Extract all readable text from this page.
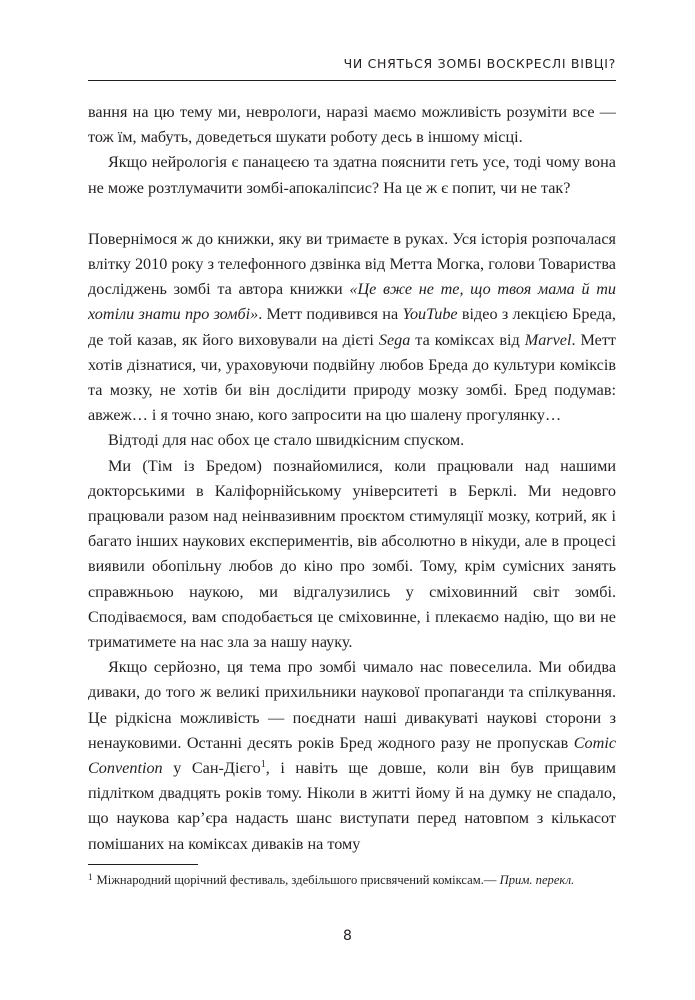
ЧИ СНЯТЬСЯ ЗОМБІ ВОСКРЕСЛІ ВІВЦІ?

вання на цю тему ми, неврологи, наразі маємо можливість розуміти все — тож їм, мабуть, доведеться шукати роботу десь в іншому місці.

Якщо нейрологія є панацеєю та здатна пояснити геть усе, тоді чому вона не може розтлумачити зомбі-апокаліпсис? На це ж є попит, чи не так?

Повернімося ж до книжки, яку ви тримаєте в руках. Уся історія розпочалася влітку 2010 року з телефонного дзвінка від Метта Могка, голови Товариства досліджень зомбі та автора книжки «Це вже не те, що твоя мама й ти хотіли знати про зомбі». Метт подивився на YouTube відео з лекцією Бреда, де той казав, як його виховували на дієті Sega та коміксах від Marvel. Метт хотів дізнатися, чи, ураховуючи подвійну любов Бреда до культури коміксів та мозку, не хотів би він дослідити природу мозку зомбі. Бред подумав: авжеж… і я точно знаю, кого запросити на цю шалену прогулянку…

Відтоді для нас обох це стало швидкісним спуском.

Ми (Тім із Бредом) познайомилися, коли працювали над нашими докторськими в Каліфорнійському університеті в Берклі. Ми недовго працювали разом над неінвазивним проєктом стимуляції мозку, котрий, як і багато інших наукових експериментів, вів абсолютно в нікуди, але в процесі виявили обопільну любов до кіно про зомбі. Тому, крім сумісних занять справжньою наукою, ми відгалузились у сміховинний світ зомбі. Сподіваємося, вам сподобається це сміховинне, і плекаємо надію, що ви не триматимете на нас зла за нашу науку.

Якщо серйозно, ця тема про зомбі чимало нас повеселила. Ми обидва диваки, до того ж великі прихильники наукової пропаганди та спілкування. Це рідкісна можливість — поєднати наші дивакуваті наукові сторони з ненауковими. Останні десять років Бред жодного разу не пропускав Comic Convention у Сан-Дієго$^1$, і навіть ще довше, коли він був прищавим підлітком двадцять років тому. Ніколи в житті йому й на думку не спадало, що наукова кар’єра надасть шанс виступати перед натовпом з кількасот помішаних на коміксах диваків на тому

$^1$ Міжнародний щорічний фестиваль, здебільшого присвячений коміксам.— Прим. перекл.
8
